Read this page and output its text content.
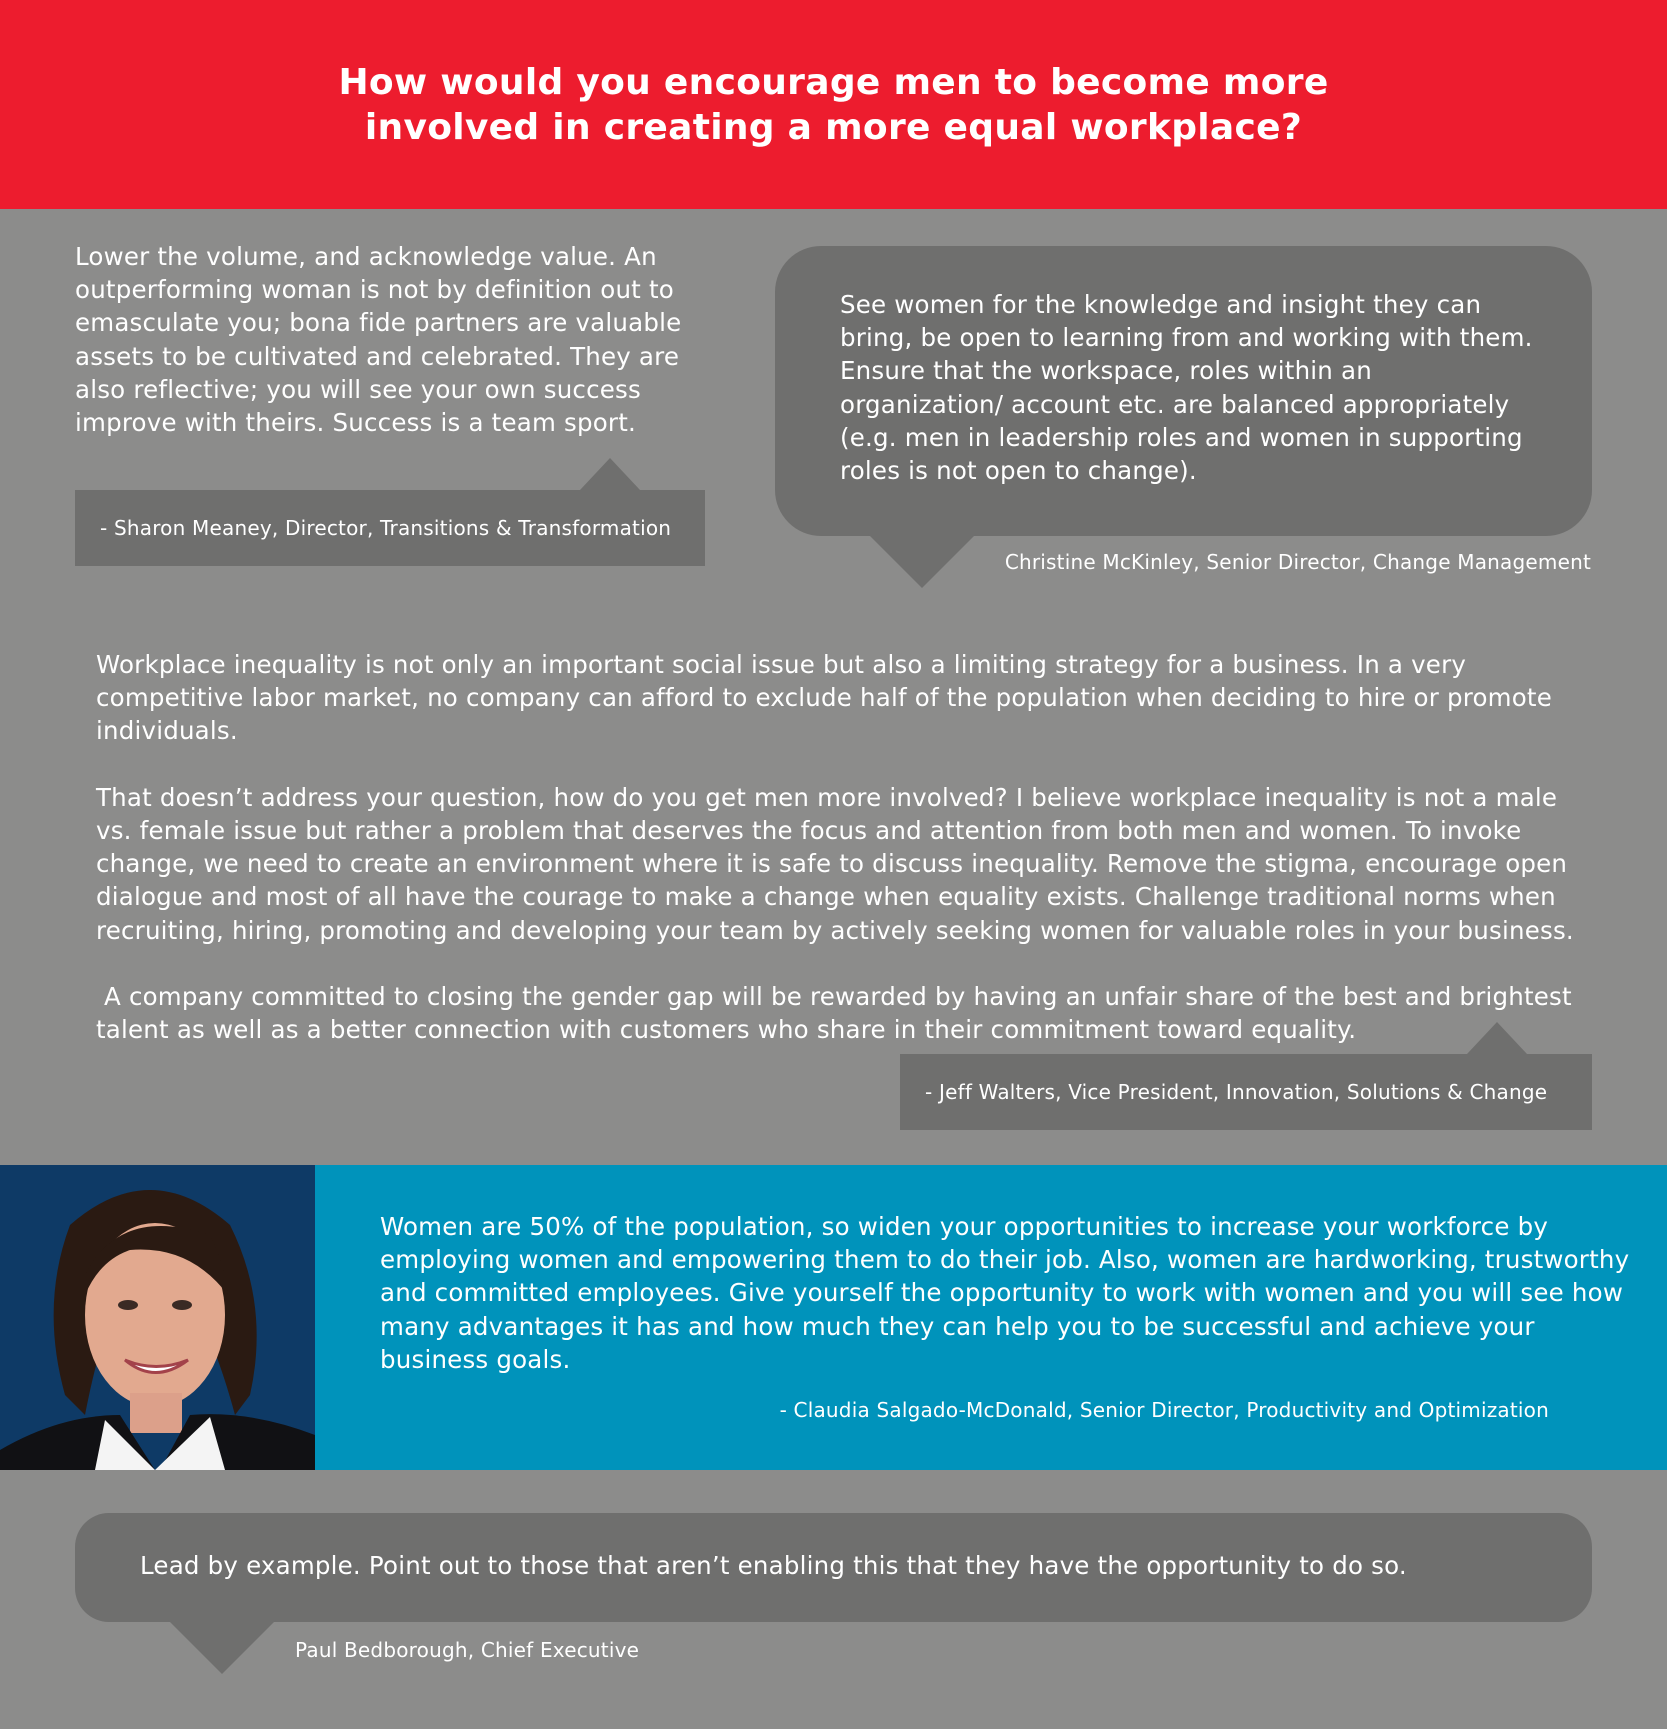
How would you encourage men to become more
involved in creating a more equal workplace?
Lower the volume, and acknowledge value. An outperforming woman is not by definition out to emasculate you; bona fide partners are valuable assets to be cultivated and celebrated. They are also reflective; you will see your own success improve with theirs. Success is a team sport.
- Sharon Meaney, Director, Transitions & Transformation
See women for the knowledge and insight they can bring, be open to learning from and working with them. Ensure that the workspace, roles within an organization/ account etc. are balanced appropriately (e.g. men in leadership roles and women in supporting roles is not open to change).
Christine McKinley, Senior Director, Change Management

Workplace inequality is not only an important social issue but also a limiting strategy for a business. In a very competitive labor market, no company can afford to exclude half of the population when deciding to hire or promote individuals.

That doesn’t address your question, how do you get men more involved? I believe workplace inequality is not a male vs. female issue but rather a problem that deserves the focus and attention from both men and women. To invoke change, we need to create an environment where it is safe to discuss inequality. Remove the stigma, encourage open dialogue and most of all have the courage to make a change when equality exists. Challenge traditional norms when recruiting, hiring, promoting and developing your team by actively seeking women for valuable roles in your business.

A company committed to closing the gender gap will be rewarded by having an unfair share of the best and brightest talent as well as a better connection with customers who share in their commitment toward equality.

- Jeff Walters, Vice President, Innovation, Solutions & Change
Women are 50% of the population, so widen your opportunities to increase your workforce by employing women and empowering them to do their job. Also, women are hardworking, trustworthy and committed employees. Give yourself the opportunity to work with women and you will see how many advantages it has and how much they can help you to be successful and achieve your business goals.
- Claudia Salgado-McDonald, Senior Director, Productivity and Optimization
Lead by example. Point out to those that aren’t enabling this that they have the opportunity to do so.
Paul Bedborough, Chief Executive
